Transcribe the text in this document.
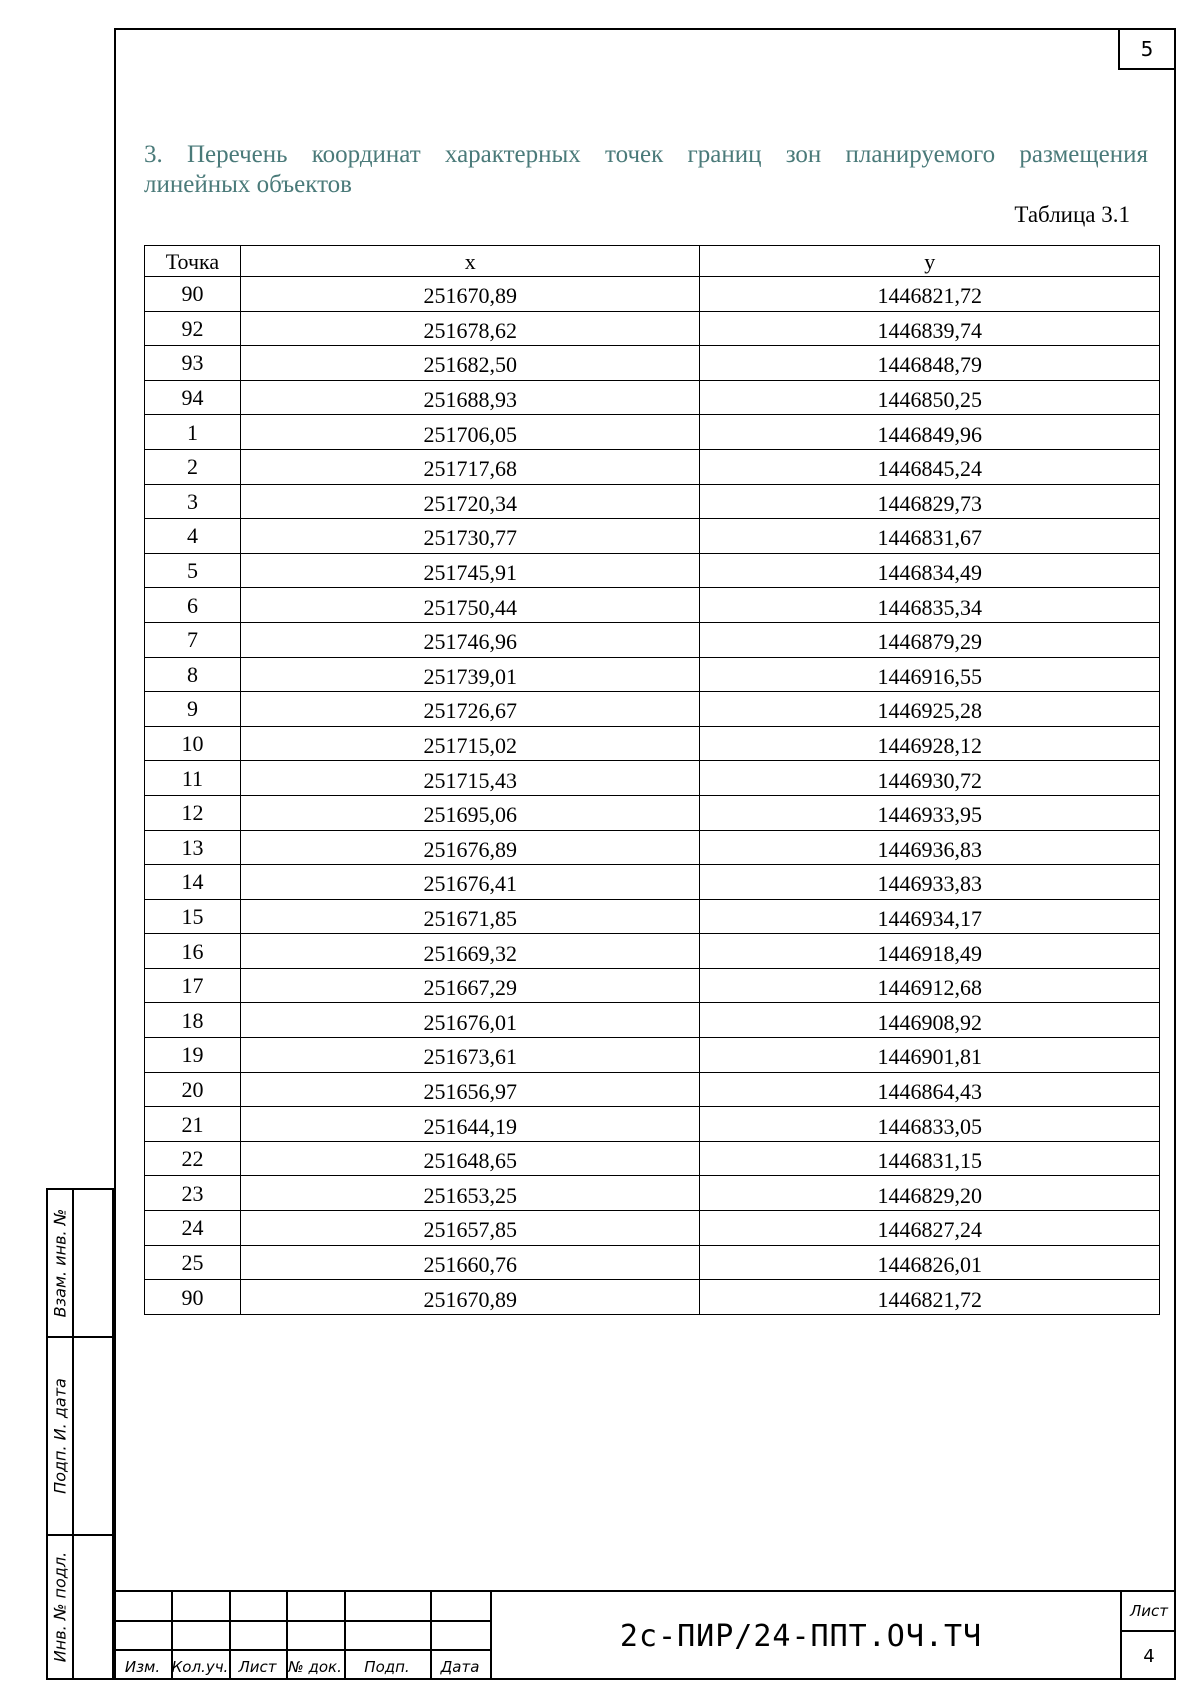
5
3. Перечень координат характерных точек границ зон планируемого размещения
линейных объектов
Таблица 3.1
Точка	x	y
90	251670,89	1446821,72
92	251678,62	1446839,74
93	251682,50	1446848,79
94	251688,93	1446850,25
1	251706,05	1446849,96
2	251717,68	1446845,24
3	251720,34	1446829,73
4	251730,77	1446831,67
5	251745,91	1446834,49
6	251750,44	1446835,34
7	251746,96	1446879,29
8	251739,01	1446916,55
9	251726,67	1446925,28
10	251715,02	1446928,12
11	251715,43	1446930,72
12	251695,06	1446933,95
13	251676,89	1446936,83
14	251676,41	1446933,83
15	251671,85	1446934,17
16	251669,32	1446918,49
17	251667,29	1446912,68
18	251676,01	1446908,92
19	251673,61	1446901,81
20	251656,97	1446864,43
21	251644,19	1446833,05
22	251648,65	1446831,15
23	251653,25	1446829,20
24	251657,85	1446827,24
25	251660,76	1446826,01
90	251670,89	1446821,72
Взам. инв. №
Подп. И. дата
Инв. № подл.
Изм. Кол.уч. Лист № док.	Подп.	Дата
2с-ПИР/24-ППТ.ОЧ.ТЧ
Лист
4
